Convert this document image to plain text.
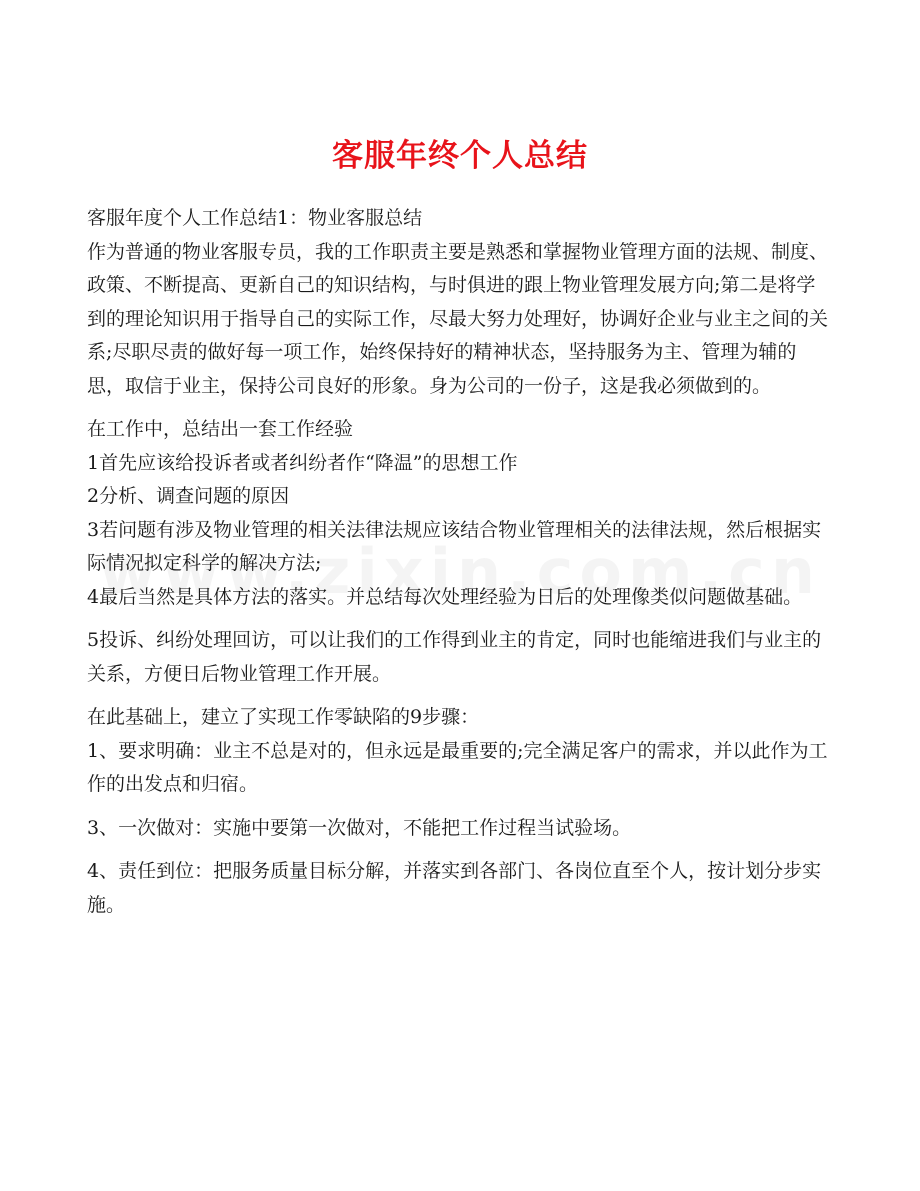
客服年终个人总结

客服年度个人工作总结1：物业客服总结

作为普通的物业客服专员，我的工作职责主要是熟悉和掌握物业管理方面的法规、制度、政策、不断提高、更新自己的知识结构，与时俱进的跟上物业管理发展方向;第二是将学到的理论知识用于指导自己的实际工作，尽最大努力处理好，协调好企业与业主之间的关系;尽职尽责的做好每一项工作，始终保持好的精神状态，坚持服务为主、管理为辅的思，取信于业主，保持公司良好的形象。身为公司的一份子，这是我必须做到的。

在工作中，总结出一套工作经验

1首先应该给投诉者或者纠纷者作“降温”的思想工作

2分析、调查问题的原因

3若问题有涉及物业管理的相关法律法规应该结合物业管理相关的法律法规，然后根据实际情况拟定科学的解决方法;

4最后当然是具体方法的落实。并总结每次处理经验为日后的处理像类似问题做基础。

5投诉、纠纷处理回访，可以让我们的工作得到业主的肯定，同时也能缩进我们与业主的关系，方便日后物业管理工作开展。

在此基础上，建立了实现工作零缺陷的9步骤：

1、要求明确：业主不总是对的，但永远是最重要的;完全满足客户的需求，并以此作为工作的出发点和归宿。

3、一次做对：实施中要第一次做对，不能把工作过程当试验场。

4、责任到位：把服务质量目标分解，并落实到各部门、各岗位直至个人，按计划分步实施。
